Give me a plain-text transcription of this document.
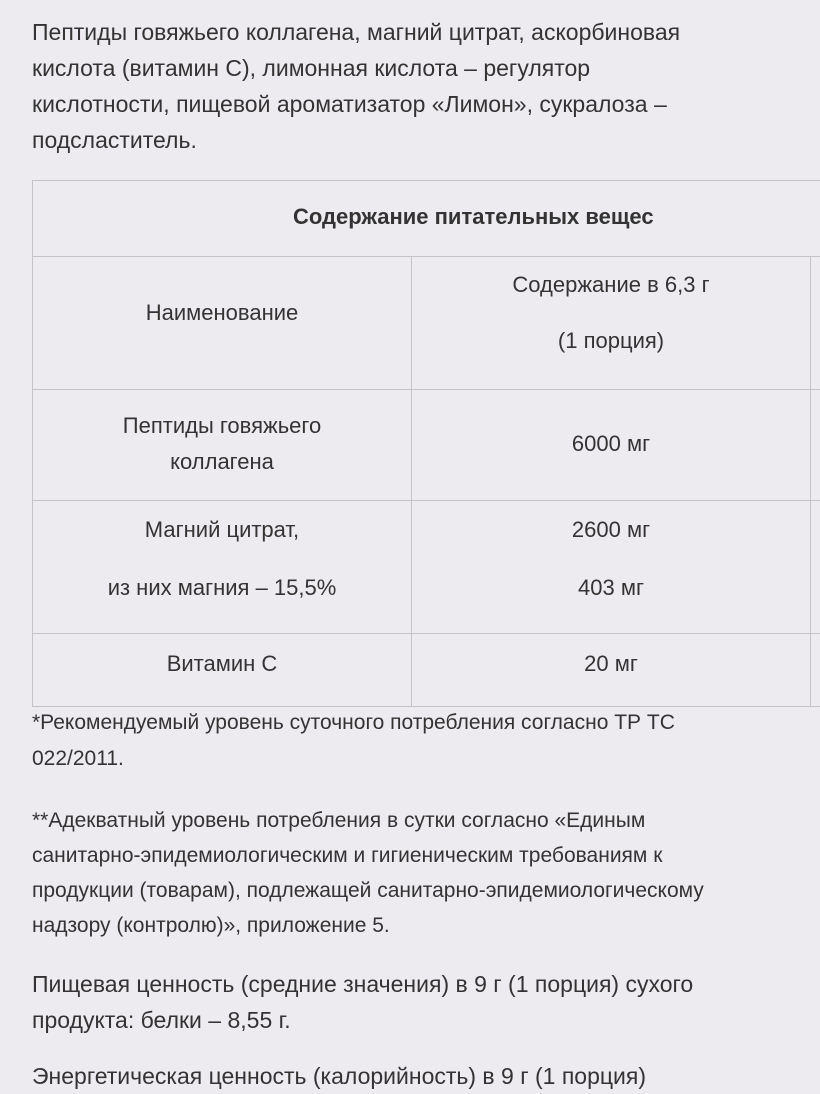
Пептиды говяжьего коллагена, магний цитрат, аскорбиновая
кислота (витамин С), лимонная кислота – регулятор
кислотности, пищевой ароматизатор «Лимон», сукралоза –
подсластитель.

Содержание питательных вещес
Наименование
Содержание в 6,3 г
(1 порция)
Пептиды говяжьего
коллагена
6000 мг
Магний цитрат,
из них магния – 15,5%
2600 мг
403 мг
Витамин С	20 мг

*Рекомендуемый уровень суточного потребления согласно ТР ТС
022/2011.

**Адекватный уровень потребления в сутки согласно «Единым
санитарно-эпидемиологическим и гигиеническим требованиям к
продукции (товарам), подлежащей санитарно-эпидемиологическому
надзору (контролю)», приложение 5.

Пищевая ценность (средние значения) в 9 г (1 порция) сухого
продукта: белки – 8,55 г.

Энергетическая ценность (калорийность) в 9 г (1 порция)
